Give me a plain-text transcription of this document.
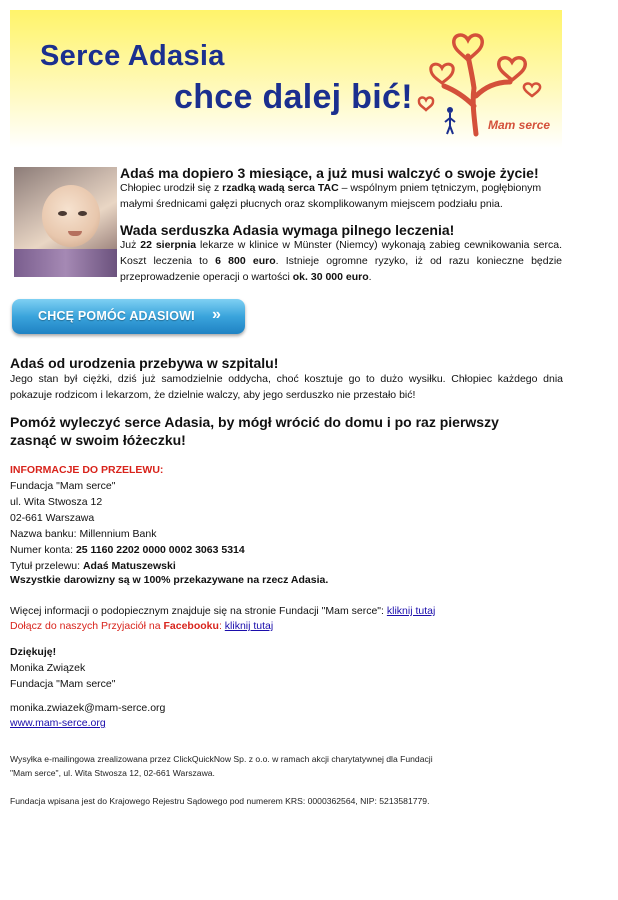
Serce Adasia
chce dalej bić!
Mam serce
Adaś ma dopiero 3 miesiące, a już musi walczyć o swoje życie!

Chłopiec urodził się z rzadką wadą serca TAC – wspólnym pniem tętniczym, pogłębionym małymi średnicami gałęzi płucnych oraz skomplikowanym miejscem podziału pnia.

Wada serduszka Adasia wymaga pilnego leczenia!

Już 22 sierpnia lekarze w klinice w Münster (Niemcy) wykonają zabieg cewnikowania serca. Koszt leczenia to 6 800 euro. Istnieje ogromne ryzyko, iż od razu konieczne będzie przeprowadzenie operacji o wartości ok. 30 000 euro.

CHCĘ POMÓC ADASIOWI »
Adaś od urodzenia przebywa w szpitalu!

Jego stan był ciężki, dziś już samodzielnie oddycha, choć kosztuje go to dużo wysiłku. Chłopiec każdego dnia pokazuje rodzicom i lekarzom, że dzielnie walczy, aby jego serduszko nie przestało bić!

Pomóż wyleczyć serce Adasia, by mógł wrócić do domu i po raz pierwszy
zasnąć w swoim łóżeczku!

INFORMACJE DO PRZELEWU:

Fundacja "Mam serce"

ul. Wita Stwosza 12

02-661 Warszawa

Nazwa banku: Millennium Bank

Numer konta: 25 1160 2202 0000 0002 3063 5314

Tytuł przelewu: Adaś Matuszewski

Wszystkie darowizny są w 100% przekazywane na rzecz Adasia.

Więcej informacji o podopiecznym znajduje się na stronie Fundacji "Mam serce": kliknij tutaj

Dołącz do naszych Przyjaciół na Facebooku: kliknij tutaj

Dziękuję!

Monika Związek

Fundacja "Mam serce"

monika.zwiazek@mam-serce.org

www.mam-serce.org

Wysyłka e-mailingowa zrealizowana przez ClickQuickNow Sp. z o.o. w ramach akcji charytatywnej dla Fundacji
"Mam serce", ul. Wita Stwosza 12, 02-661 Warszawa.
Fundacja wpisana jest do Krajowego Rejestru Sądowego pod numerem KRS: 0000362564, NIP: 5213581779.
